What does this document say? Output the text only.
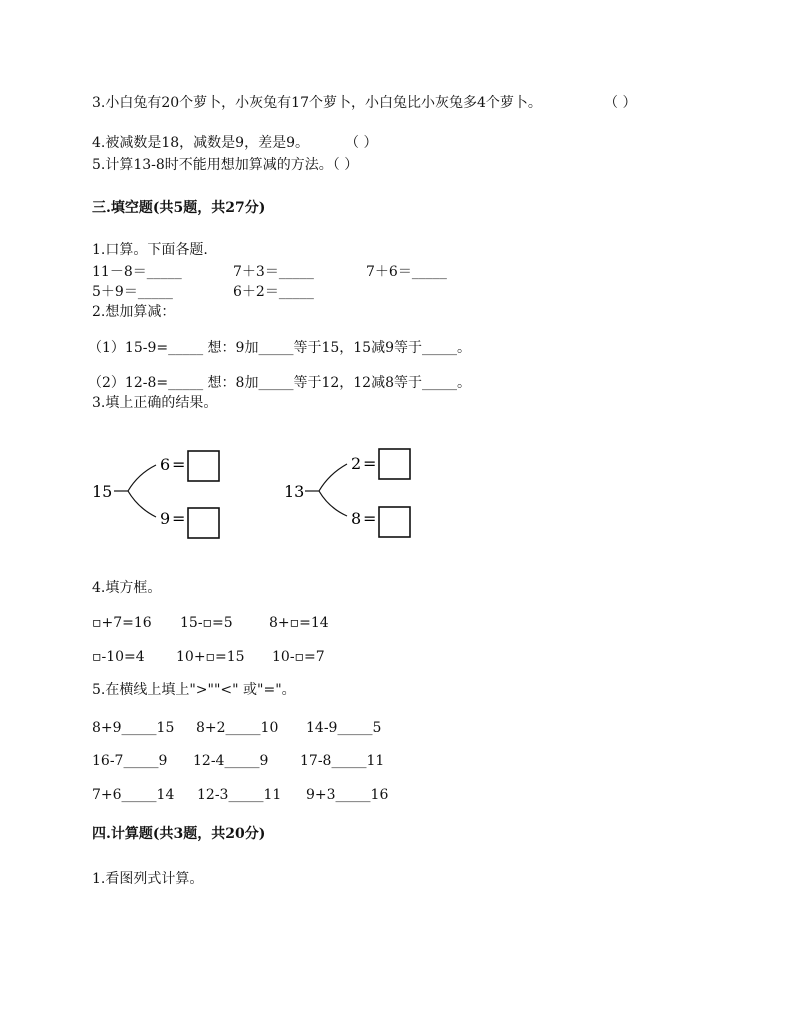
3.小白兔有20个萝卜，小灰兔有17个萝卜，小白兔比小灰兔多4个萝卜。	（ ）
4.被减数是18，减数是9，差是9。	（ ）
5.计算13-8时不能用想加算减的方法。（ ）
三.填空题(共5题，共27分)
1.口算。下面各题.
11－8＝_____	7＋3＝_____	7＋6＝_____
5＋9＝_____	6＋2＝_____
2.想加算减：
（1）15-9=_____ 想：9加_____等于15，15减9等于_____。
（2）12-8=_____ 想：8加_____等于12，12减8等于_____。
3.填上正确的结果。
15
6 =
9 =
13
2 =
8 =
4.填方框。
▫+7=16 15-▫=5	8+▫=14
▫-10=4 10+▫=15 10-▫=7
5.在横线上填上">""<" 或"="。
8+9_____15 8+2_____10 14-9_____5
16-7_____9 12-4_____9 17-8_____11
7+6_____14 12-3_____11 9+3_____16
四.计算题(共3题，共20分)
1.看图列式计算。
